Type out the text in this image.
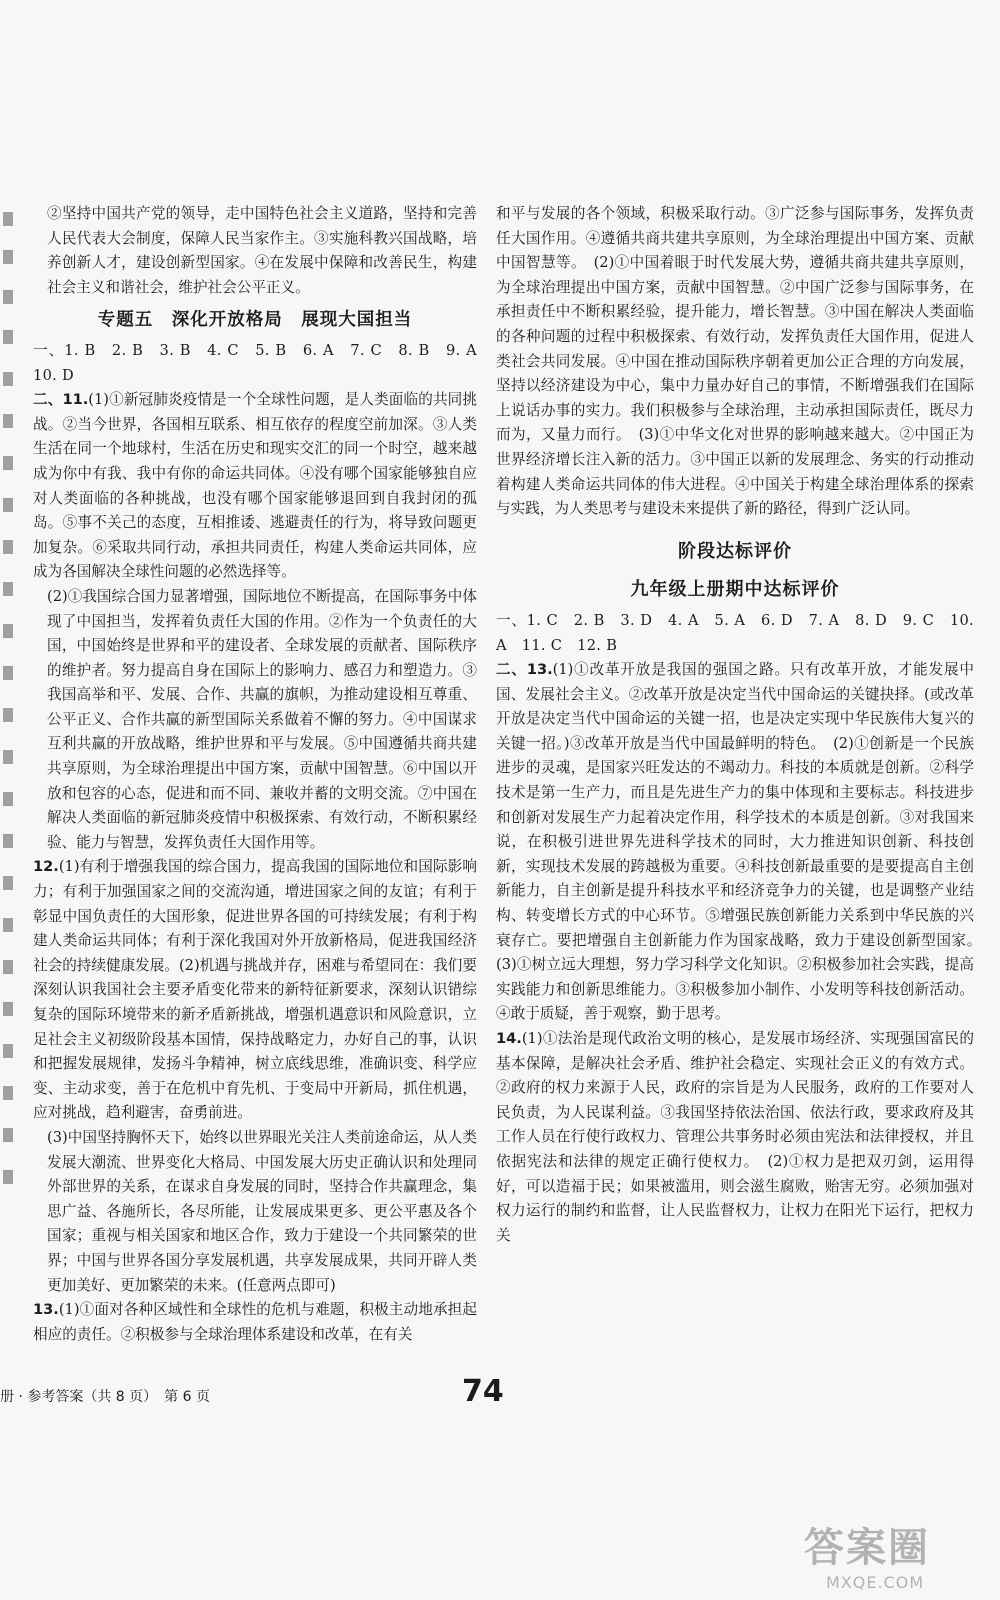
②坚持中国共产党的领导，走中国特色社会主义道路，坚持和完善人民代表大会制度，保障人民当家作主。③实施科教兴国战略，培养创新人才，建设创新型国家。④在发展中保障和改善民生，构建社会主义和谐社会，维护社会公平正义。

专题五　深化开放格局　展现大国担当

一、1. B　2. B　3. B　4. C　5. B　6. A　7. C　8. B　9. A　10. D

二、11.(1)①新冠肺炎疫情是一个全球性问题，是人类面临的共同挑战。②当今世界，各国相互联系、相互依存的程度空前加深。③人类生活在同一个地球村，生活在历史和现实交汇的同一个时空，越来越成为你中有我、我中有你的命运共同体。④没有哪个国家能够独自应对人类面临的各种挑战，也没有哪个国家能够退回到自我封闭的孤岛。⑤事不关己的态度，互相推诿、逃避责任的行为，将导致问题更加复杂。⑥采取共同行动，承担共同责任，构建人类命运共同体，应成为各国解决全球性问题的必然选择等。

(2)①我国综合国力显著增强，国际地位不断提高，在国际事务中体现了中国担当，发挥着负责任大国的作用。②作为一个负责任的大国，中国始终是世界和平的建设者、全球发展的贡献者、国际秩序的维护者。努力提高自身在国际上的影响力、感召力和塑造力。③我国高举和平、发展、合作、共赢的旗帜，为推动建设相互尊重、公平正义、合作共赢的新型国际关系做着不懈的努力。④中国谋求互利共赢的开放战略，维护世界和平与发展。⑤中国遵循共商共建共享原则，为全球治理提出中国方案，贡献中国智慧。⑥中国以开放和包容的心态，促进和而不同、兼收并蓄的文明交流。⑦中国在解决人类面临的新冠肺炎疫情中积极探索、有效行动，不断积累经验、能力与智慧，发挥负责任大国作用等。

12.(1)有利于增强我国的综合国力，提高我国的国际地位和国际影响力；有利于加强国家之间的交流沟通，增进国家之间的友谊；有利于彰显中国负责任的大国形象，促进世界各国的可持续发展；有利于构建人类命运共同体；有利于深化我国对外开放新格局，促进我国经济社会的持续健康发展。(2)机遇与挑战并存，困难与希望同在：我们要深刻认识我国社会主要矛盾变化带来的新特征新要求，深刻认识错综复杂的国际环境带来的新矛盾新挑战，增强机遇意识和风险意识，立足社会主义初级阶段基本国情，保持战略定力，办好自己的事，认识和把握发展规律，发扬斗争精神，树立底线思维，准确识变、科学应变、主动求变，善于在危机中育先机、于变局中开新局，抓住机遇，应对挑战，趋利避害，奋勇前进。

(3)中国坚持胸怀天下，始终以世界眼光关注人类前途命运，从人类发展大潮流、世界变化大格局、中国发展大历史正确认识和处理同外部世界的关系，在谋求自身发展的同时，坚持合作共赢理念，集思广益、各施所长，各尽所能，让发展成果更多、更公平惠及各个国家；重视与相关国家和地区合作，致力于建设一个共同繁荣的世界；中国与世界各国分享发展机遇，共享发展成果，共同开辟人类更加美好、更加繁荣的未来。(任意两点即可)

13.(1)①面对各种区域性和全球性的危机与难题，积极主动地承担起相应的责任。②积极参与全球治理体系建设和改革，在有关

和平与发展的各个领域，积极采取行动。③广泛参与国际事务，发挥负责任大国作用。④遵循共商共建共享原则，为全球治理提出中国方案、贡献中国智慧等。　(2)①中国着眼于时代发展大势，遵循共商共建共享原则，为全球治理提出中国方案，贡献中国智慧。②中国广泛参与国际事务，在承担责任中不断积累经验，提升能力，增长智慧。③中国在解决人类面临的各种问题的过程中积极探索、有效行动，发挥负责任大国作用，促进人类社会共同发展。④中国在推动国际秩序朝着更加公正合理的方向发展，坚持以经济建设为中心，集中力量办好自己的事情，不断增强我们在国际上说话办事的实力。我们积极参与全球治理，主动承担国际责任，既尽力而为，又量力而行。　(3)①中华文化对世界的影响越来越大。②中国正为世界经济增长注入新的活力。③中国正以新的发展理念、务实的行动推动着构建人类命运共同体的伟大进程。④中国关于构建全球治理体系的探索与实践，为人类思考与建设未来提供了新的路径，得到广泛认同。

阶段达标评价
九年级上册期中达标评价

一、1. C　2. B　3. D　4. A　5. A　6. D　7. A　8. D　9. C　10. A　11. C　12. B

二、13.(1)①改革开放是我国的强国之路。只有改革开放，才能发展中国、发展社会主义。②改革开放是决定当代中国命运的关键抉择。(或改革开放是决定当代中国命运的关键一招，也是决定实现中华民族伟大复兴的关键一招。)③改革开放是当代中国最鲜明的特色。　(2)①创新是一个民族进步的灵魂，是国家兴旺发达的不竭动力。科技的本质就是创新。②科学技术是第一生产力，而且是先进生产力的集中体现和主要标志。科技进步和创新对发展生产力起着决定作用，科学技术的本质是创新。③对我国来说，在积极引进世界先进科学技术的同时，大力推进知识创新、科技创新，实现技术发展的跨越极为重要。④科技创新最重要的是要提高自主创新能力，自主创新是提升科技水平和经济竞争力的关键，也是调整产业结构、转变增长方式的中心环节。⑤增强民族创新能力关系到中华民族的兴衰存亡。要把增强自主创新能力作为国家战略，致力于建设创新型国家。　(3)①树立远大理想，努力学习科学文化知识。②积极参加社会实践，提高实践能力和创新思维能力。③积极参加小制作、小发明等科技创新活动。④敢于质疑，善于观察，勤于思考。

14.(1)①法治是现代政治文明的核心，是发展市场经济、实现强国富民的基本保障，是解决社会矛盾、维护社会稳定、实现社会正义的有效方式。②政府的权力来源于人民，政府的宗旨是为人民服务，政府的工作要对人民负责，为人民谋利益。③我国坚持依法治国、依法行政，要求政府及其工作人员在行使行政权力、管理公共事务时必须由宪法和法律授权，并且依据宪法和法律的规定正确行使权力。　(2)①权力是把双刃剑，运用得好，可以造福于民；如果被滥用，则会滋生腐败，贻害无穷。必须加强对权力运行的制约和监督，让人民监督权力，让权力在阳光下运行，把权力关

册 · 参考答案（共 8 页）　第 6 页	74
答案圈
MXQE.COM
